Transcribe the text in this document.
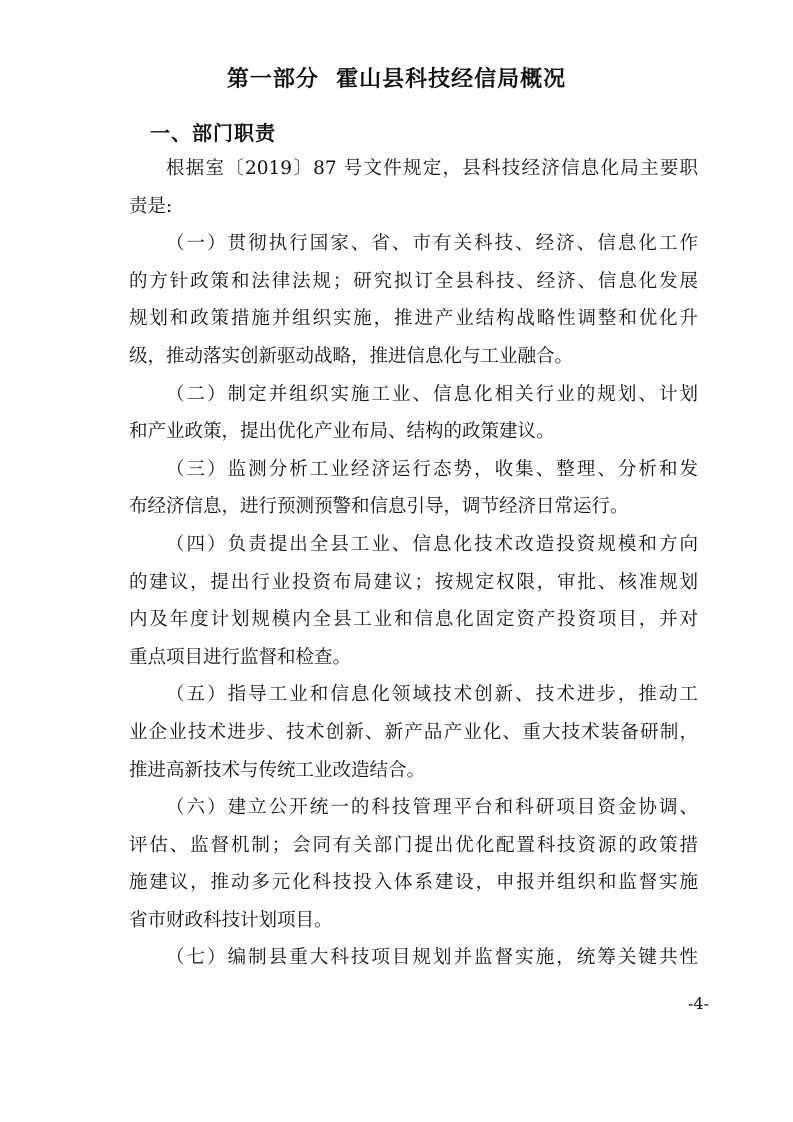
第一部分  霍山县科技经信局概况
一、部门职责

根据室〔2019〕87 号文件规定，县科技经济信息化局主要职
责是:

（一）贯彻执行国家、省、市有关科技、经济、信息化工作
的方针政策和法律法规；研究拟订全县科技、经济、信息化发展
规划和政策措施并组织实施，推进产业结构战略性调整和优化升
级，推动落实创新驱动战略，推进信息化与工业融合。

（二）制定并组织实施工业、信息化相关行业的规划、计划
和产业政策，提出优化产业布局、结构的政策建议。

（三）监测分析工业经济运行态势，收集、整理、分析和发
布经济信息，进行预测预警和信息引导，调节经济日常运行。

（四）负责提出全县工业、信息化技术改造投资规模和方向
的建议，提出行业投资布局建议；按规定权限，审批、核准规划
内及年度计划规模内全县工业和信息化固定资产投资项目，并对
重点项目进行监督和检查。

（五）指导工业和信息化领域技术创新、技术进步，推动工
业企业技术进步、技术创新、新产品产业化、重大技术装备研制，
推进高新技术与传统工业改造结合。

（六）建立公开统一的科技管理平台和科研项目资金协调、
评估、监督机制；会同有关部门提出优化配置科技资源的政策措
施建议，推动多元化科技投入体系建设，申报并组织和监督实施
省市财政科技计划项目。

（七）编制县重大科技项目规划并监督实施，统筹关键共性

-4-
